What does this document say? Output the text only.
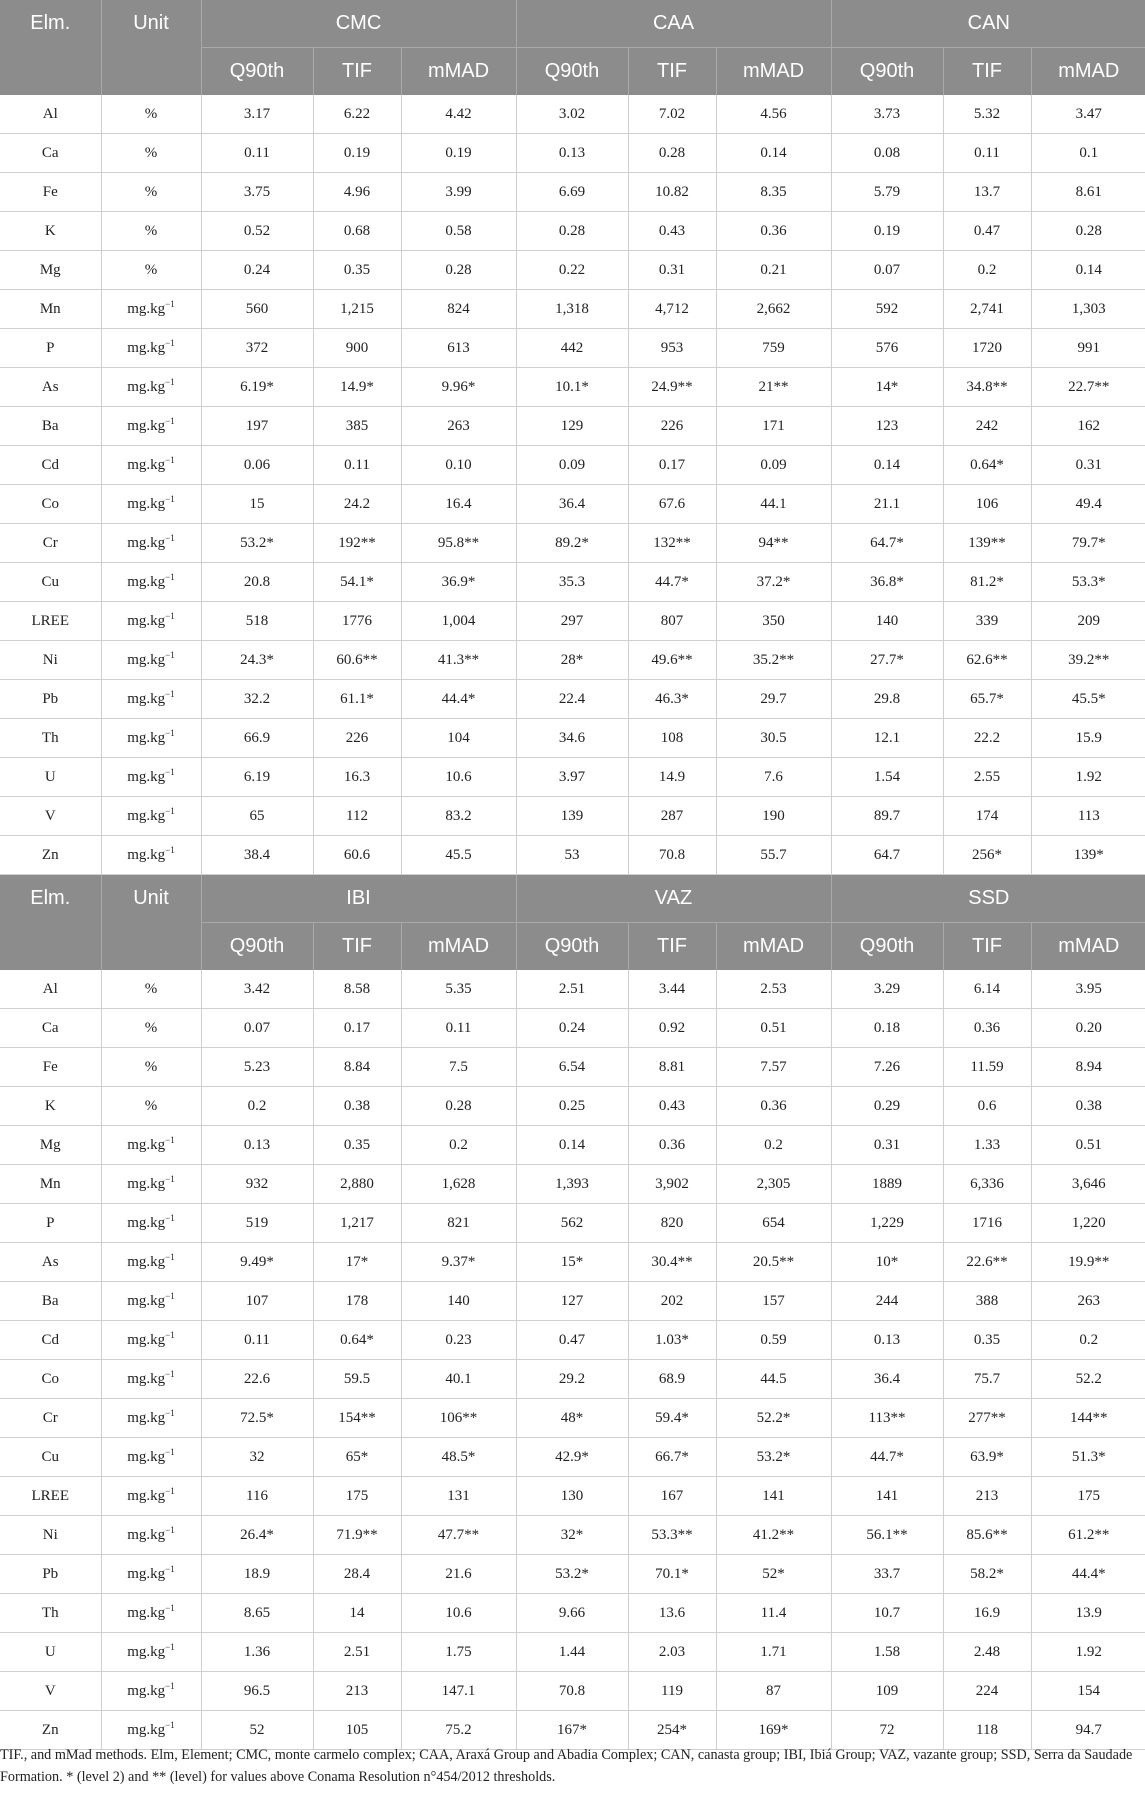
Elm.	Unit	CMC			CAA			CAN		
		Q90th	TIF	mMAD	Q90th	TIF	mMAD	Q90th	TIF	mMAD
Al	%	3.17	6.22	4.42	3.02	7.02	4.56	3.73	5.32	3.47
Ca	%	0.11	0.19	0.19	0.13	0.28	0.14	0.08	0.11	0.1
Fe	%	3.75	4.96	3.99	6.69	10.82	8.35	5.79	13.7	8.61
K	%	0.52	0.68	0.58	0.28	0.43	0.36	0.19	0.47	0.28
Mg	%	0.24	0.35	0.28	0.22	0.31	0.21	0.07	0.2	0.14
Mn	$mg.kg^{-1}$	560	1,215	824	1,318	4,712	2,662	592	2,741	1,303
P	$mg.kg^{-1}$	372	900	613	442	953	759	576	1720	991
As	$mg.kg^{-1}$	6.19*	14.9*	9.96*	10.1*	24.9**	21**	14*	34.8**	22.7**
Ba	$mg.kg^{-1}$	197	385	263	129	226	171	123	242	162
Cd	$mg.kg^{-1}$	0.06	0.11	0.10	0.09	0.17	0.09	0.14	0.64*	0.31
Co	$mg.kg^{-1}$	15	24.2	16.4	36.4	67.6	44.1	21.1	106	49.4
Cr	$mg.kg^{-1}$	53.2*	192**	95.8**	89.2*	132**	94**	64.7*	139**	79.7*
Cu	$mg.kg^{-1}$	20.8	54.1*	36.9*	35.3	44.7*	37.2*	36.8*	81.2*	53.3*
LREE	$mg.kg^{-1}$	518	1776	1,004	297	807	350	140	339	209
Ni	$mg.kg^{-1}$	24.3*	60.6**	41.3**	28*	49.6**	35.2**	27.7*	62.6**	39.2**
Pb	$mg.kg^{-1}$	32.2	61.1*	44.4*	22.4	46.3*	29.7	29.8	65.7*	45.5*
Th	$mg.kg^{-1}$	66.9	226	104	34.6	108	30.5	12.1	22.2	15.9
U	$mg.kg^{-1}$	6.19	16.3	10.6	3.97	14.9	7.6	1.54	2.55	1.92
V	$mg.kg^{-1}$	65	112	83.2	139	287	190	89.7	174	113
Zn	$mg.kg^{-1}$	38.4	60.6	45.5	53	70.8	55.7	64.7	256*	139*
Elm.	Unit	IBI			VAZ			SSD		
		Q90th	TIF	mMAD	Q90th	TIF	mMAD	Q90th	TIF	mMAD
Al	%	3.42	8.58	5.35	2.51	3.44	2.53	3.29	6.14	3.95
Ca	%	0.07	0.17	0.11	0.24	0.92	0.51	0.18	0.36	0.20
Fe	%	5.23	8.84	7.5	6.54	8.81	7.57	7.26	11.59	8.94
K	%	0.2	0.38	0.28	0.25	0.43	0.36	0.29	0.6	0.38
Mg	$mg.kg^{-1}$	0.13	0.35	0.2	0.14	0.36	0.2	0.31	1.33	0.51
Mn	$mg.kg^{-1}$	932	2,880	1,628	1,393	3,902	2,305	1889	6,336	3,646
P	$mg.kg^{-1}$	519	1,217	821	562	820	654	1,229	1716	1,220
As	$mg.kg^{-1}$	9.49*	17*	9.37*	15*	30.4**	20.5**	10*	22.6**	19.9**
Ba	$mg.kg^{-1}$	107	178	140	127	202	157	244	388	263
Cd	$mg.kg^{-1}$	0.11	0.64*	0.23	0.47	1.03*	0.59	0.13	0.35	0.2
Co	$mg.kg^{-1}$	22.6	59.5	40.1	29.2	68.9	44.5	36.4	75.7	52.2
Cr	$mg.kg^{-1}$	72.5*	154**	106**	48*	59.4*	52.2*	113**	277**	144**
Cu	$mg.kg^{-1}$	32	65*	48.5*	42.9*	66.7*	53.2*	44.7*	63.9*	51.3*
LREE	$mg.kg^{-1}$	116	175	131	130	167	141	141	213	175
Ni	$mg.kg^{-1}$	26.4*	71.9**	47.7**	32*	53.3**	41.2**	56.1**	85.6**	61.2**
Pb	$mg.kg^{-1}$	18.9	28.4	21.6	53.2*	70.1*	52*	33.7	58.2*	44.4*
Th	$mg.kg^{-1}$	8.65	14	10.6	9.66	13.6	11.4	10.7	16.9	13.9
U	$mg.kg^{-1}$	1.36	2.51	1.75	1.44	2.03	1.71	1.58	2.48	1.92
V	$mg.kg^{-1}$	96.5	213	147.1	70.8	119	87	109	224	154
Zn	$mg.kg^{-1}$	52	105	75.2	167*	254*	169*	72	118	94.7
TIF., and mMad methods. Elm, Element; CMC, monte carmelo complex; CAA, Araxá Group and Abadia Complex; CAN, canasta group; IBI, Ibiá Group; VAZ, vazante group; SSD, Serra da Saudade Formation. * (level 2) and ** (level) for values above Conama Resolution n°454/2012 thresholds.
